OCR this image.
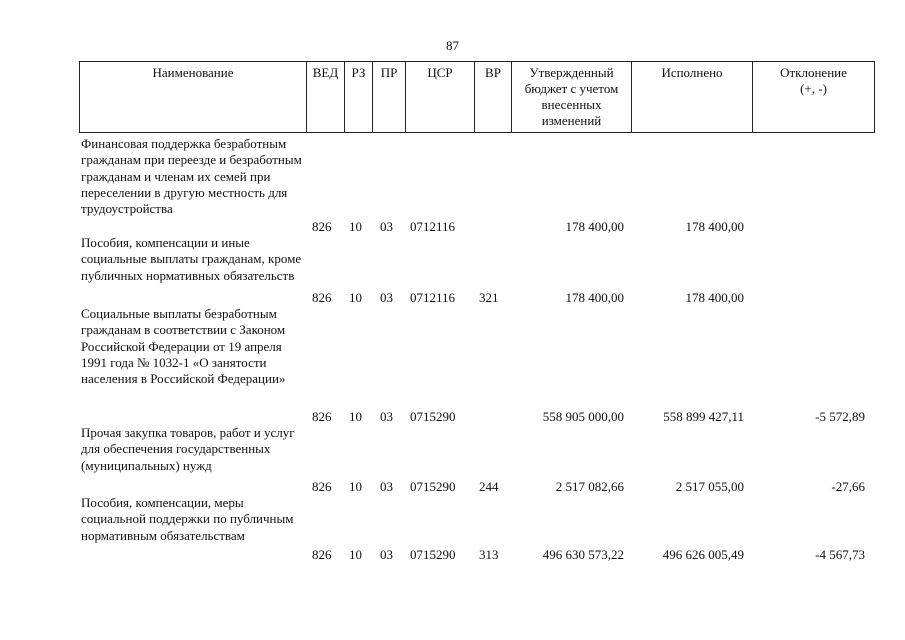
87
Наименование	ВЕД	РЗ	ПР	ЦСР	ВР	Утвержденный
бюджет с учетом
внесенных
изменений
Исполнено	Отклонение
(+, -)
Финансовая поддержка безработным гражданам при переезде и безработным гражданам и членам их семей при переселении в другую местность для трудоустройства
826 10 03 0712116	178 400,00	178 400,00
Пособия, компенсации и иные социальные выплаты гражданам, кроме публичных нормативных обязательств
826 10 03 0712116 321	178 400,00	178 400,00
Социальные выплаты безработным гражданам в соответствии с Законом Российской Федерации от 19 апреля 1991 года № 1032-1 «О занятости населения в Российской Федерации»
826 10 03 0715290	558 905 000,00	558 899 427,11	-5 572,89
Прочая закупка товаров, работ и услуг для обеспечения государственных (муниципальных) нужд
826 10 03 0715290 244	2 517 082,66	2 517 055,00	-27,66
Пособия, компенсации, меры социальной поддержки по публичным нормативным обязательствам
826 10 03 0715290 313	496 630 573,22	496 626 005,49	-4 567,73
